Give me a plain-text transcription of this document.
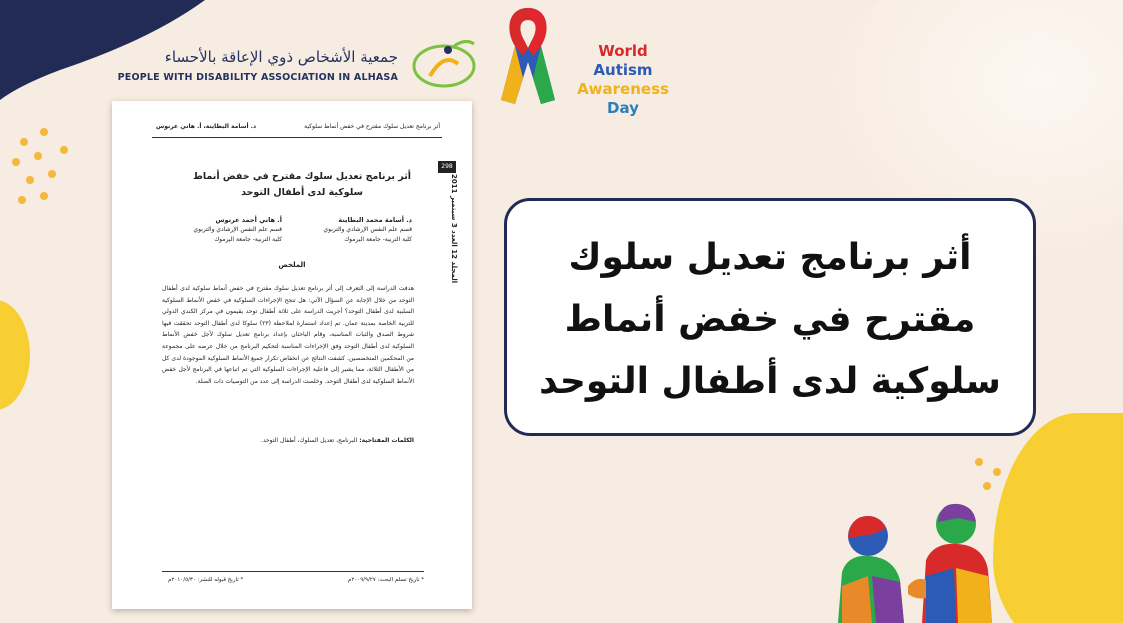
جمعية الأشخاص ذوي الإعاقة بالأحساء
PEOPLE WITH DISABILITY ASSOCIATION IN ALHASA
World
Autism
Awareness
Day
أثر برنامج تعديل سلوك مقترح في خفض أنماط سلوكية
د. أسامة البطاينة، أ. هاني عرنوس
298
المجلد 12 العدد 3 سبتمبر 2011
أثر برنامج تعديل سلوك مقترح في خفض أنماط سلوكية لدى أطفال التوحد
د. أسامة محمد البطاينة
قسم علم النفس الإرشادي والتربوي
كلية التربية- جامعة اليرموك
أ. هاني أحمد عرنوس
قسم علم النفس الإرشادي والتربوي
كلية التربية- جامعة اليرموك
الملخص
هدفت الدراسة إلى التعرف إلى أثر برنامج تعديل سلوك مقترح في خفض أنماط سلوكية لدى أطفال التوحد من خلال الإجابة عن السؤال الآتي: هل تنجح الإجراءات السلوكية في خفض الأنماط السلوكية السلبية لدى أطفال التوحد؟ أجريت الدراسة على ثلاثة أطفال توحد يقيمون في مركز الكندي الدولي للتربية الخاصة بمدينة عمان. تم إعداد استمارة لملاحظة (٢٣) سلوكا لدى أطفال التوحد تحققت فيها شروط الصدق والثبات المناسبة، وقام الباحثان بإعداد برنامج تعديل سلوك لأجل خفض الأنماط السلوكية لدى أطفال التوحد وفق الإجراءات المناسبة لتحكيم البرنامج من خلال عرضه على مجموعة من المحكمين المتخصصين. كشفت النتائج عن انخفاض تكرار جميع الأنماط السلوكية الموجودة لدى كل من الأطفال الثلاثة، مما يشير إلى فاعلية الإجراءات السلوكية التي تم اتباعها في البرنامج لأجل خفض الأنماط السلوكية لدى أطفال التوحد. وخلصت الدراسة إلى عدد من التوصيات ذات الصلة.
الكلمات المفتاحية: البرنامج، تعديل السلوك، أطفال التوحد.
* تاريخ تسلم البحث: ٢٠٠٩/٩/٢٧م
* تاريخ قبوله للنشر: ٢٠١٠/٥/٣٠م
أثر برنامج تعديل سلوك مقترح في خفض أنماط سلوكية لدى أطفال التوحد
